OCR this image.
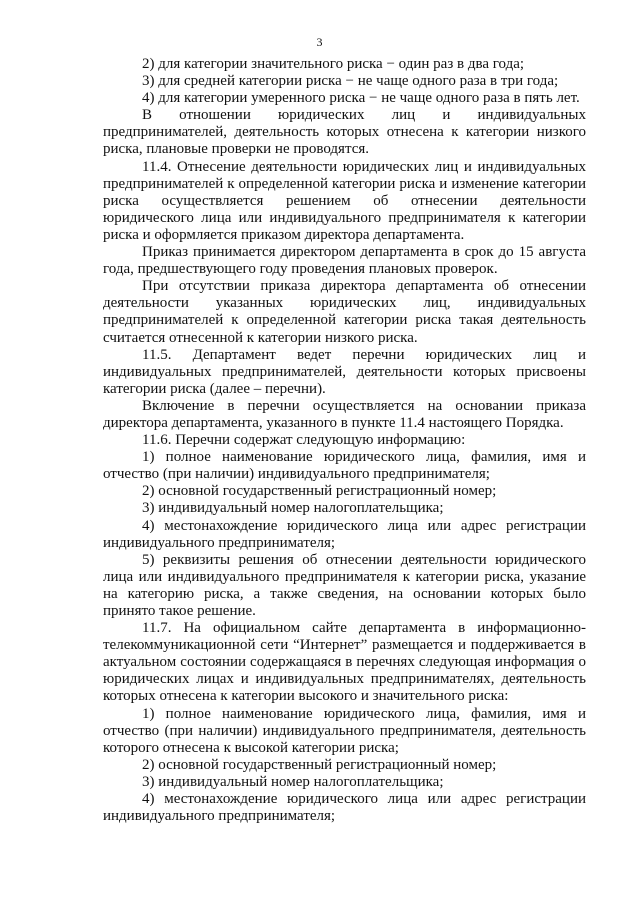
3

2) для категории значительного риска − один раз в два года;

3) для средней категории риска − не чаще одного раза в три года;

4) для категории умеренного риска − не чаще одного раза в пять лет.

В отношении юридических лиц и индивидуальных предпринимателей, деятельность которых отнесена к категории низкого риска, плановые проверки не проводятся.

11.4. Отнесение деятельности юридических лиц и индивидуальных предпринимателей к определенной категории риска и изменение категории риска осуществляется решением об отнесении деятельности юридического лица или индивидуального предпринимателя к категории риска и оформляется приказом директора департамента.

Приказ принимается директором департамента в срок до 15 августа года, предшествующего году проведения плановых проверок.

При отсутствии приказа директора департамента об отнесении деятельности указанных юридических лиц, индивидуальных предпринимателей к определенной категории риска такая деятельность считается отнесенной к категории низкого риска.

11.5. Департамент ведет перечни юридических лиц и индивидуальных предпринимателей, деятельности которых присвоены категории риска (далее – перечни).

Включение в перечни осуществляется на основании приказа директора департамента, указанного в пункте 11.4 настоящего Порядка.

11.6. Перечни содержат следующую информацию:

1) полное наименование юридического лица, фамилия, имя и отчество (при наличии) индивидуального предпринимателя;

2) основной государственный регистрационный номер;

3) индивидуальный номер налогоплательщика;

4) местонахождение юридического лица или адрес регистрации индивидуального предпринимателя;

5) реквизиты решения об отнесении деятельности юридического лица или индивидуального предпринимателя к категории риска, указание на категорию риска, а также сведения, на основании которых было принято такое решение.

11.7. На официальном сайте департамента в информационно-телекоммуникационной сети “Интернет” размещается и поддерживается в актуальном состоянии содержащаяся в перечнях следующая информация о юридических лицах и индивидуальных предпринимателях, деятельность которых отнесена к категории высокого и значительного риска:

1) полное наименование юридического лица, фамилия, имя и отчество (при наличии) индивидуального предпринимателя, деятельность которого отнесена к высокой категории риска;

2) основной государственный регистрационный номер;

3) индивидуальный номер налогоплательщика;

4) местонахождение юридического лица или адрес регистрации индивидуального предпринимателя;
